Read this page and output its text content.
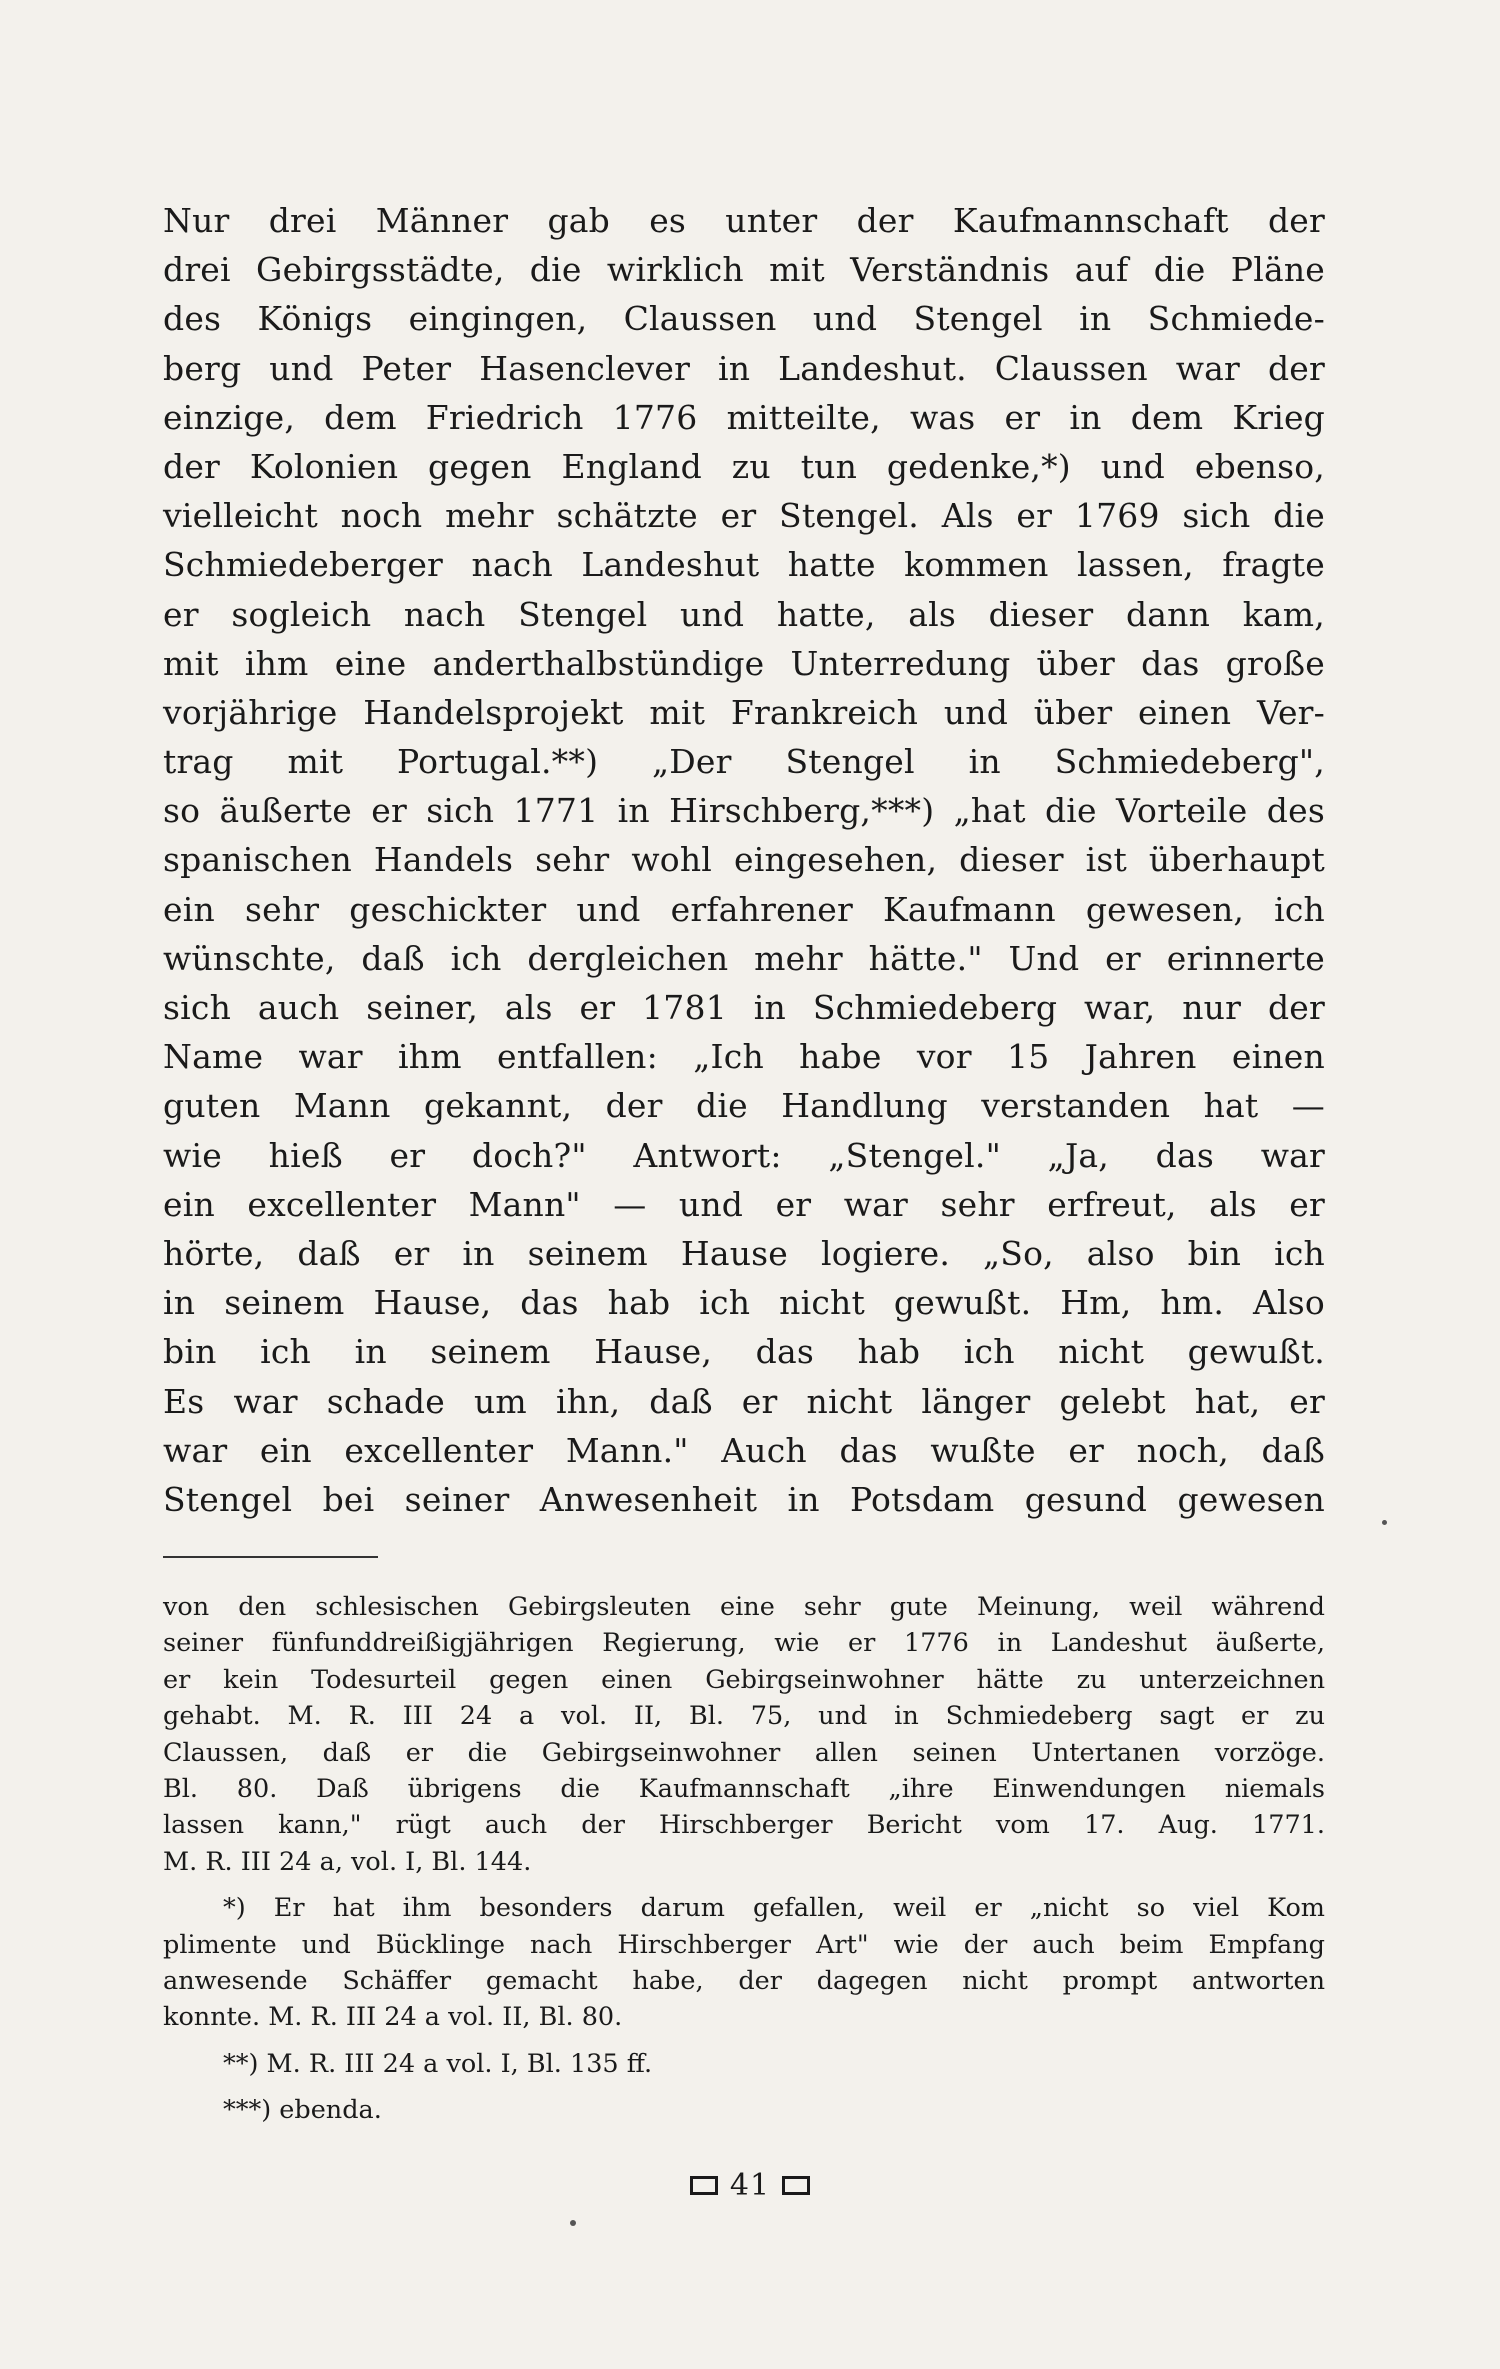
Nur drei Männer gab es unter der Kaufmannschaft der
drei Gebirgsstädte, die wirklich mit Verständnis auf die Pläne
des Königs eingingen, Claussen und Stengel in Schmiede-
berg und Peter Hasenclever in Landeshut. Claussen war der
einzige, dem Friedrich 1776 mitteilte, was er in dem Krieg
der Kolonien gegen England zu tun gedenke,*) und ebenso,
vielleicht noch mehr schätzte er Stengel. Als er 1769 sich die
Schmiedeberger nach Landeshut hatte kommen lassen, fragte
er sogleich nach Stengel und hatte, als dieser dann kam,
mit ihm eine anderthalbstündige Unterredung über das große
vorjährige Handelsprojekt mit Frankreich und über einen Ver-
trag mit Portugal.**) „Der Stengel in Schmiedeberg",
so äußerte er sich 1771 in Hirschberg,***) „hat die Vorteile des
spanischen Handels sehr wohl eingesehen, dieser ist überhaupt
ein sehr geschickter und erfahrener Kaufmann gewesen, ich
wünschte, daß ich dergleichen mehr hätte." Und er erinnerte
sich auch seiner, als er 1781 in Schmiedeberg war, nur der
Name war ihm entfallen: „Ich habe vor 15 Jahren einen
guten Mann gekannt, der die Handlung verstanden hat —
wie hieß er doch?" Antwort: „Stengel." „Ja, das war
ein excellenter Mann" — und er war sehr erfreut, als er
hörte, daß er in seinem Hause logiere. „So, also bin ich
in seinem Hause, das hab ich nicht gewußt. Hm, hm. Also
bin ich in seinem Hause, das hab ich nicht gewußt.
Es war schade um ihn, daß er nicht länger gelebt hat, er
war ein excellenter Mann." Auch das wußte er noch, daß
Stengel bei seiner Anwesenheit in Potsdam gesund gewesen
von den schlesischen Gebirgsleuten eine sehr gute Meinung, weil während
seiner fünfunddreißigjährigen Regierung, wie er 1776 in Landeshut äußerte,
er kein Todesurteil gegen einen Gebirgseinwohner hätte zu unterzeichnen
gehabt. M. R. III 24 a vol. II, Bl. 75, und in Schmiedeberg sagt er zu
Claussen, daß er die Gebirgseinwohner allen seinen Untertanen vorzöge.
Bl. 80. Daß übrigens die Kaufmannschaft „ihre Einwendungen niemals
lassen kann," rügt auch der Hirschberger Bericht vom 17. Aug. 1771.
M. R. III 24 a, vol. I, Bl. 144.
*) Er hat ihm besonders darum gefallen, weil er „nicht so viel Kom
plimente und Bücklinge nach Hirschberger Art" wie der auch beim Empfang
anwesende Schäffer gemacht habe, der dagegen nicht prompt antworten
konnte. M. R. III 24 a vol. II, Bl. 80.
**) M. R. III 24 a vol. I, Bl. 135 ff.
***) ebenda.
41
